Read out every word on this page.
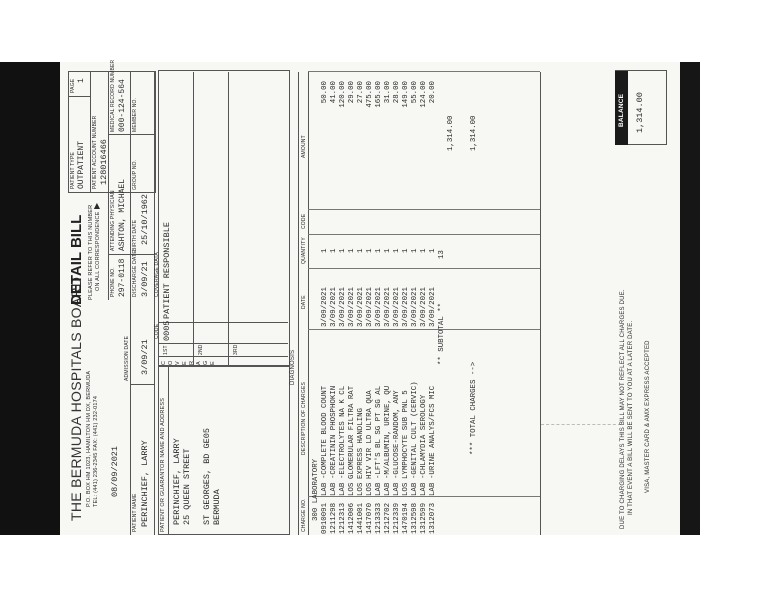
THE BERMUDA HOSPITALS BOARD P.O. BOX HM 1023, HAMILTON HM DX, BERMUDA TEL: (441) 236-2345 FAX: (441) 232-0174 08/09/2021
DETAIL BILL PLEASE REFER TO THIS NUMBER ON ALL CORRESPONDENCE
▶
PATIENT TYPE OUTPATIENT
PAGE 1
PATIENT ACCOUNT NUMBER 128016466
PHONE NO. 297-0118
ATTENDING PHYSICIAN ASHTON, MICHAEL
MEDICAL RECORD NUMBER 000-124-564
PATIENT NAME PERINCHIEF, LARRY
ADMISSION DATE 3/09/21
DISCHARGE DATE 3/09/21
BIRTH DATE 25/10/1962
GROUP NO.
MEMBER NO.
PATIENT OR GUARANTOR NAME AND ADDRESS PERINCHIEF, LARRY 25 QUEEN STREET ST GEORGES, BD GE05 BERMUDA
CODE
COVERAGE DATA
C O V E R A G E
1ST	2ND	3RD
0005
PATIENT RESPONSIBLE
DIAGNOSIS
CHARGE NO.
DESCRIPTION OF CHARGES
DATE
QUANTITY
CODE
AMOUNT
300 LABORATORY 0910091
LAB
-COMPLETE BLOOD COUNT
3/09/2021
1
50.00
1211298
LAB
-CREATININ PHOSPHOKIN
3/09/2021
1
41.00
1212313
LAB
-ELECTROLYTES NA K CL
3/09/2021
1
120.00
1412006
LOS
GLOMERULAR FILTRA RAT
3/09/2021
1
29.00
1441001
LOS
EXPRESS HANDLING
3/09/2021
1
27.00
1417070
LOS
HIV VIR LD ULTRA QUA
3/09/2021
1
475.00
1213333
LAB
-LFT'S BL SG PT SG AL
3/09/2021
1
165.00
1212702
LAB
-M/ALBUMIN, URINE, QU
3/09/2021
1
31.00
1212339
LAB
-GLUCOSE-RANDOM, ANY
3/09/2021
1
28.00
1470194
LOS
LYMPHOCYTE SUB PNL 5
3/09/2021
1
149.00
1312598
LAB
-GENITAL CULT (CERVIC)
3/09/2021
1
55.00
1312599
LAB
-CHLAMYDIA SEROLOGY
3/09/2021
1
124.00
1312073
LAB
-URINE ANALYS/FCS MIC
3/09/2021
1
20.00
** SUBTOTAL **
13
1,314.00
*** TOTAL CHARGES -->
1,314.00
DUE TO CHARGING DELAYS THIS BILL MAY NOT REFLECT ALL CHARGES DUE. IN THAT EVENT A BILL WILL BE SENT TO YOU AT A LATER DATE. VISA, MASTER CARD & AMX EXPRESS ACCEPTED
BALANCE 1,314.00
